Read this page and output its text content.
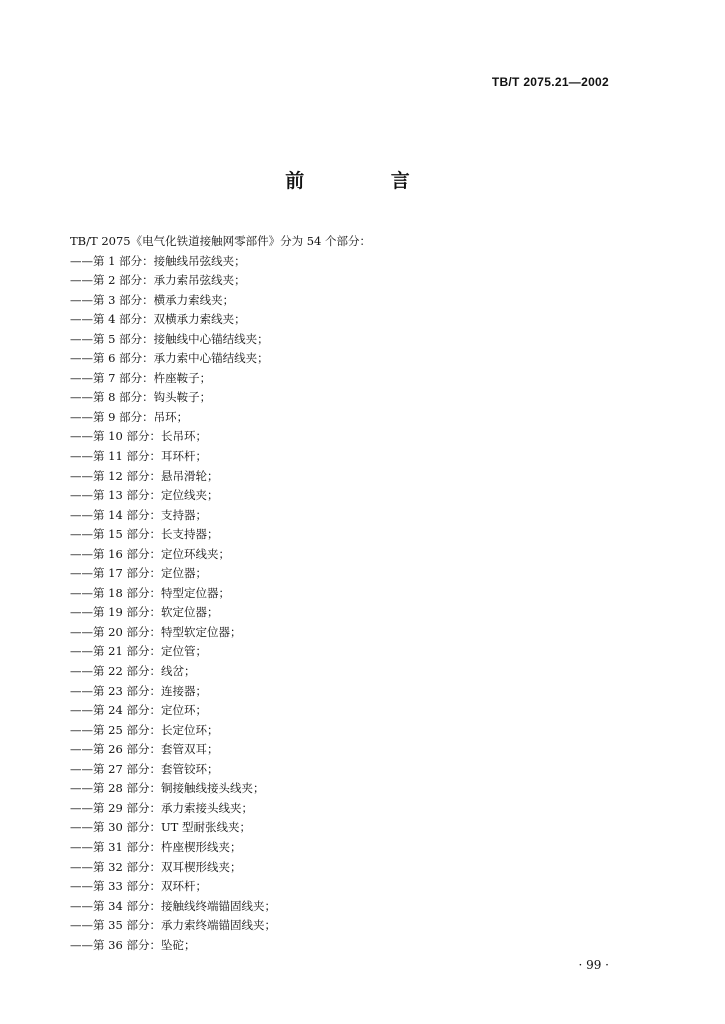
TB/T 2075.21—2002
前 言
TB/T 2075《电气化铁道接触网零部件》分为 54 个部分：
——第 1 部分：接触线吊弦线夹；
——第 2 部分：承力索吊弦线夹；
——第 3 部分：横承力索线夹；
——第 4 部分：双横承力索线夹；
——第 5 部分：接触线中心锚结线夹；
——第 6 部分：承力索中心锚结线夹；
——第 7 部分：杵座鞍子；
——第 8 部分：钩头鞍子；
——第 9 部分：吊环；
——第 10 部分：长吊环；
——第 11 部分：耳环杆；
——第 12 部分：悬吊滑轮；
——第 13 部分：定位线夹；
——第 14 部分：支持器；
——第 15 部分：长支持器；
——第 16 部分：定位环线夹；
——第 17 部分：定位器；
——第 18 部分：特型定位器；
——第 19 部分：软定位器；
——第 20 部分：特型软定位器；
——第 21 部分：定位管；
——第 22 部分：线岔；
——第 23 部分：连接器；
——第 24 部分：定位环；
——第 25 部分：长定位环；
——第 26 部分：套管双耳；
——第 27 部分：套管铰环；
——第 28 部分：铜接触线接头线夹；
——第 29 部分：承力索接头线夹；
——第 30 部分：UT 型耐张线夹；
——第 31 部分：杵座楔形线夹；
——第 32 部分：双耳楔形线夹；
——第 33 部分：双环杆；
——第 34 部分：接触线终端锚固线夹；
——第 35 部分：承力索终端锚固线夹；
——第 36 部分：坠砣；
· 99 ·
